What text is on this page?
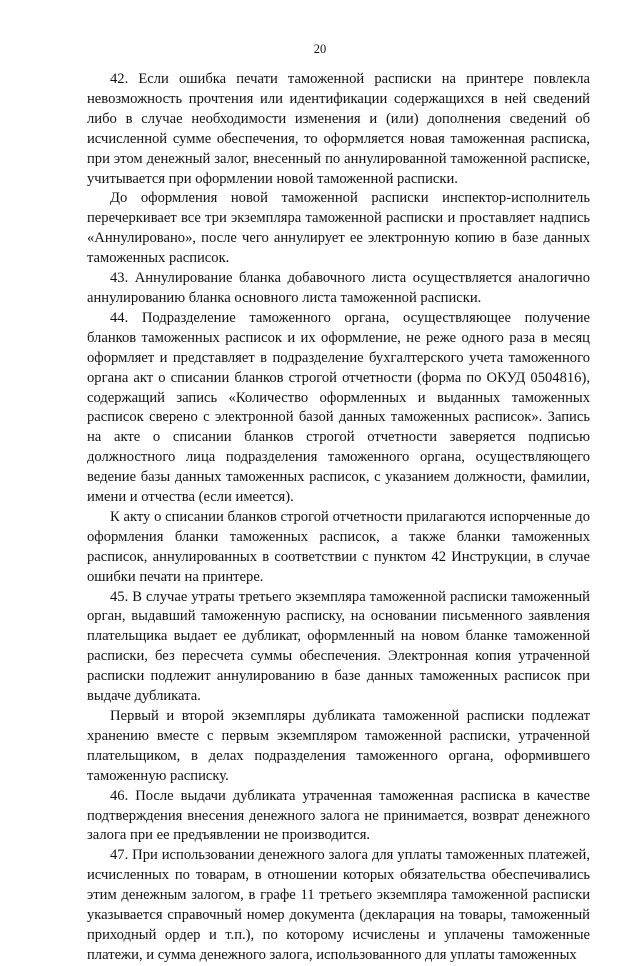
20

42. Если ошибка печати таможенной расписки на принтере повлекла невозможность прочтения или идентификации содержащихся в ней сведений либо в случае необходимости изменения и (или) дополнения сведений об исчисленной сумме обеспечения, то оформляется новая таможенная расписка, при этом денежный залог, внесенный по аннулированной таможенной расписке, учитывается при оформлении новой таможенной расписки.

До оформления новой таможенной расписки инспектор-исполнитель перечеркивает все три экземпляра таможенной расписки и проставляет надпись «Аннулировано», после чего аннулирует ее электронную копию в базе данных таможенных расписок.

43. Аннулирование бланка добавочного листа осуществляется аналогично аннулированию бланка основного листа таможенной расписки.

44. Подразделение таможенного органа, осуществляющее получение бланков таможенных расписок и их оформление, не реже одного раза в месяц оформляет и представляет в подразделение бухгалтерского учета таможенного органа акт о списании бланков строгой отчетности (форма по ОКУД 0504816), содержащий запись «Количество оформленных и выданных таможенных расписок сверено с электронной базой данных таможенных расписок». Запись на акте о списании бланков строгой отчетности заверяется подписью должностного лица подразделения таможенного органа, осуществляющего ведение базы данных таможенных расписок, с указанием должности, фамилии, имени и отчества (если имеется).

К акту о списании бланков строгой отчетности прилагаются испорченные до оформления бланки таможенных расписок, а также бланки таможенных расписок, аннулированных в соответствии с пунктом 42 Инструкции, в случае ошибки печати на принтере.

45. В случае утраты третьего экземпляра таможенной расписки таможенный орган, выдавший таможенную расписку, на основании письменного заявления плательщика выдает ее дубликат, оформленный на новом бланке таможенной расписки, без пересчета суммы обеспечения. Электронная копия утраченной расписки подлежит аннулированию в базе данных таможенных расписок при выдаче дубликата.

Первый и второй экземпляры дубликата таможенной расписки подлежат хранению вместе с первым экземпляром таможенной расписки, утраченной плательщиком, в делах подразделения таможенного органа, оформившего таможенную расписку.

46. После выдачи дубликата утраченная таможенная расписка в качестве подтверждения внесения денежного залога не принимается, возврат денежного залога при ее предъявлении не производится.

47. При использовании денежного залога для уплаты таможенных платежей, исчисленных по товарам, в отношении которых обязательства обеспечивались этим денежным залогом, в графе 11 третьего экземпляра таможенной расписки указывается справочный номер документа (декларация на товары, таможенный приходный ордер и т.п.), по которому исчислены и уплачены таможенные платежи, и сумма денежного залога, использованного для уплаты таможенных
